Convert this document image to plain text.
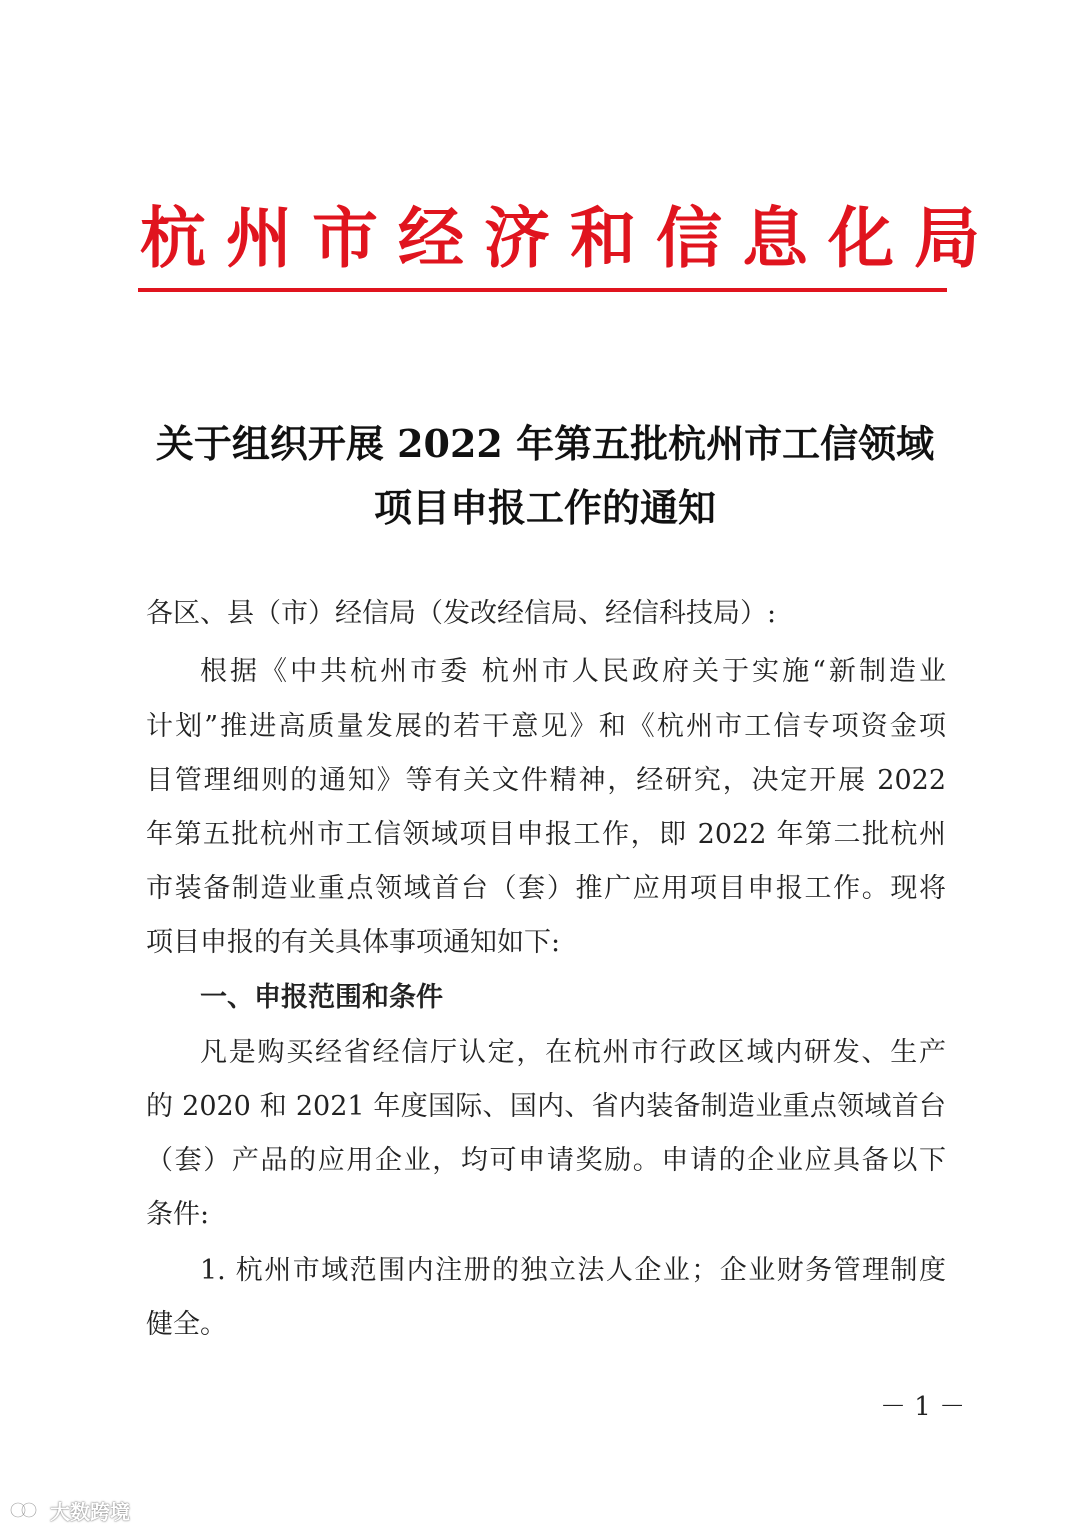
杭州市经济和信息化局
关于组织开展 2022 年第五批杭州市工信领域
项目申报工作的通知
各区、县（市）经信局（发改经信局、经信科技局）:
根据《中共杭州市委 杭州市人民政府关于实施“新制造业
计划”推进高质量发展的若干意见》和《杭州市工信专项资金项
目管理细则的通知》等有关文件精神，经研究，决定开展 2022
年第五批杭州市工信领域项目申报工作，即 2022 年第二批杭州
市装备制造业重点领域首台（套）推广应用项目申报工作。现将
项目申报的有关具体事项通知如下:
一、申报范围和条件
凡是购买经省经信厅认定，在杭州市行政区域内研发、生产
的 2020 和 2021 年度国际、国内、省内装备制造业重点领域首台
（套）产品的应用企业，均可申请奖励。申请的企业应具备以下
条件:
1. 杭州市域范围内注册的独立法人企业；企业财务管理制度
健全。
－ 1 －
大数跨境
